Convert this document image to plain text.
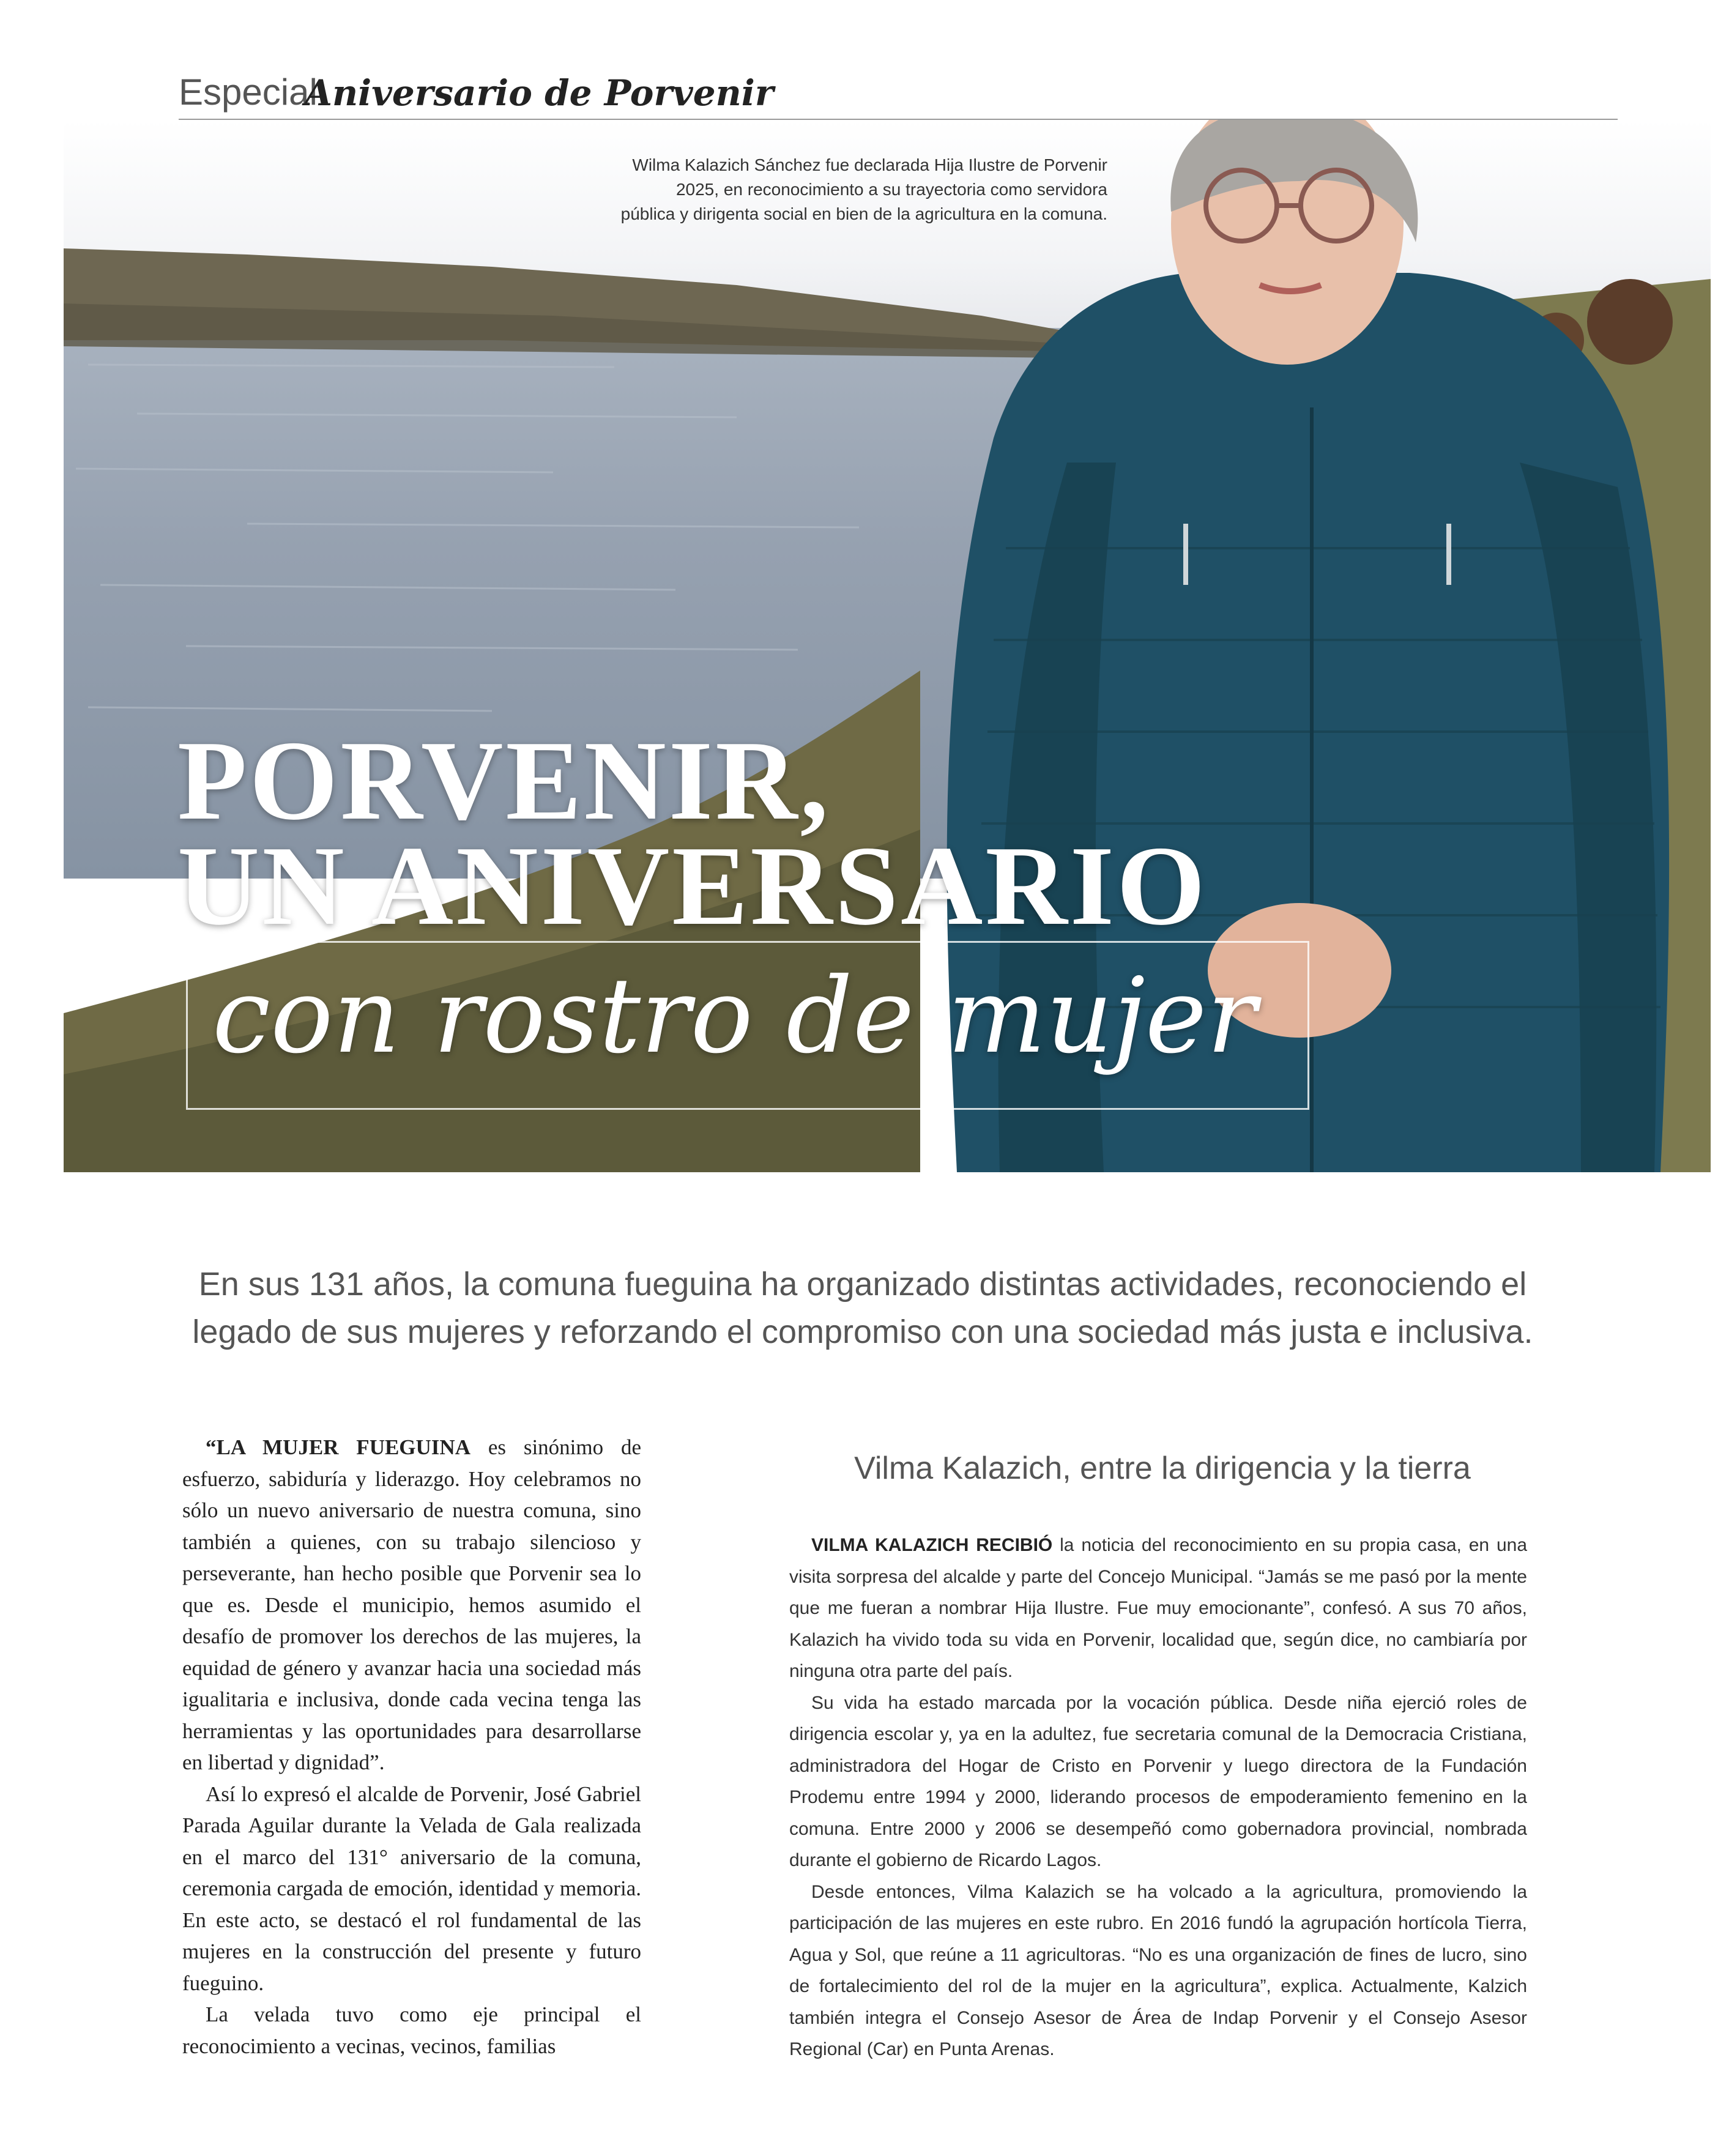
Especial
Aniversario de Porvenir
Wilma Kalazich Sánchez fue declarada Hija Ilustre de Porvenir 2025, en reconocimiento a su trayectoria como servidora pública y dirigenta social en bien de la agricultura en la comuna.
PORVENIR,
UN ANIVERSARIO
con rostro de mujer
En sus 131 años, la comuna fueguina ha organizado distintas actividades, reconociendo el legado de sus mujeres y reforzando el compromiso con una sociedad más justa e inclusiva.

“LA MUJER FUEGUINA es sinónimo de esfuerzo, sabiduría y liderazgo. Hoy celebramos no sólo un nuevo aniversario de nuestra comuna, sino también a quienes, con su trabajo silencioso y perseverante, han hecho posible que Porvenir sea lo que es. Desde el municipio, hemos asumido el desafío de promover los derechos de las mujeres, la equidad de género y avanzar hacia una sociedad más igualitaria e inclusiva, donde cada vecina tenga las herramientas y las oportunidades para desarrollarse en libertad y dignidad”.

Así lo expresó el alcalde de Porvenir, José Gabriel Parada Aguilar durante la Velada de Gala realizada en el marco del 131° aniversario de la comuna, ceremonia cargada de emoción, identidad y memoria. En este acto, se destacó el rol fundamental de las mujeres en la construcción del presente y futuro fueguino.

La velada tuvo como eje principal el reconocimiento a vecinas, vecinos, familias

Vilma Kalazich, entre la dirigencia y la tierra

VILMA KALAZICH RECIBIÓ la noticia del reconocimiento en su propia casa, en una visita sorpresa del alcalde y parte del Concejo Municipal. “Jamás se me pasó por la mente que me fueran a nombrar Hija Ilustre. Fue muy emocionante”, confesó. A sus 70 años, Kalazich ha vivido toda su vida en Porvenir, localidad que, según dice, no cambiaría por ninguna otra parte del país.

Su vida ha estado marcada por la vocación pública. Desde niña ejerció roles de dirigencia escolar y, ya en la adultez, fue secretaria comunal de la Democracia Cristiana, administradora del Hogar de Cristo en Porvenir y luego directora de la Fundación Prodemu entre 1994 y 2000, liderando procesos de empoderamiento femenino en la comuna. Entre 2000 y 2006 se desempeñó como gobernadora provincial, nombrada durante el gobierno de Ricardo Lagos.

Desde entonces, Vilma Kalazich se ha volcado a la agricultura, promoviendo la participación de las mujeres en este rubro. En 2016 fundó la agrupación hortícola Tierra, Agua y Sol, que reúne a 11 agricultoras. “No es una organización de fines de lucro, sino de fortalecimiento del rol de la mujer en la agricultura”, explica. Actualmente, Kalzich también integra el Consejo Asesor de Área de Indap Porvenir y el Consejo Asesor Regional (Car) en Punta Arenas.
